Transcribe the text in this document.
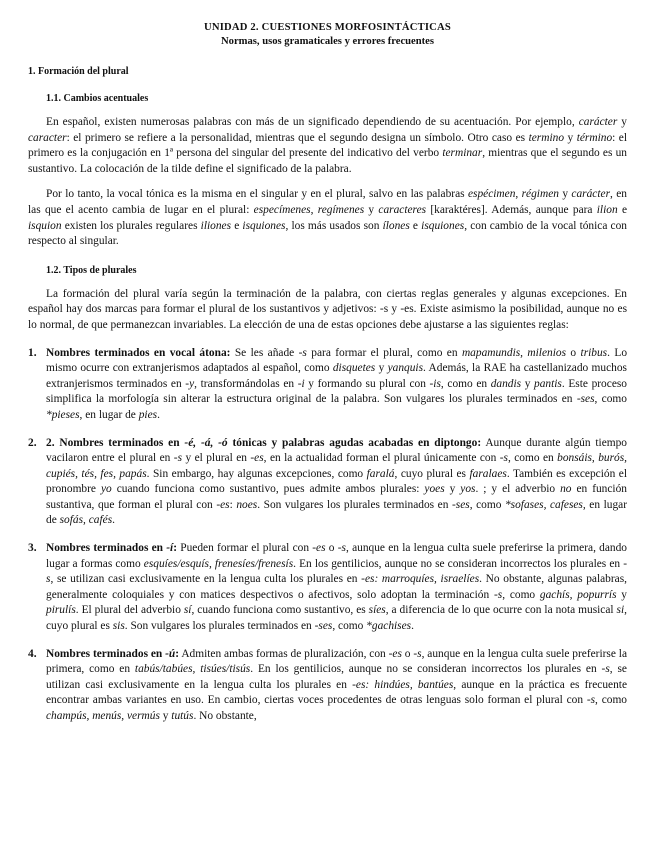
UNIDAD 2. CUESTIONES MORFOSINTÁCTICAS
Normas, usos gramaticales y errores frecuentes
1. Formación del plural
1.1. Cambios acentuales

En español, existen numerosas palabras con más de un significado dependiendo de su acentuación. Por ejemplo, carácter y caracter: el primero se refiere a la personalidad, mientras que el segundo designa un símbolo. Otro caso es termino y término: el primero es la conjugación en 1ª persona del singular del presente del indicativo del verbo terminar, mientras que el segundo es un sustantivo. La colocación de la tilde define el significado de la palabra.

Por lo tanto, la vocal tónica es la misma en el singular y en el plural, salvo en las palabras espécimen, régimen y carácter, en las que el acento cambia de lugar en el plural: especímenes, regímenes y caracteres [karaktéres]. Además, aunque para ilion e isquion existen los plurales regulares iliones e isquiones, los más usados son ílones e isquiones, con cambio de la vocal tónica con respecto al singular.

1.2. Tipos de plurales

La formación del plural varía según la terminación de la palabra, con ciertas reglas generales y algunas excepciones. En español hay dos marcas para formar el plural de los sustantivos y adjetivos: -s y -es. Existe asimismo la posibilidad, aunque no es lo normal, de que permanezcan invariables. La elección de una de estas opciones debe ajustarse a las siguientes reglas:

1. Nombres terminados en vocal átona: Se les añade -s para formar el plural, como en mapamundis, milenios o tribus. Lo mismo ocurre con extranjerismos adaptados al español, como disquetes y yanquis. Además, la RAE ha castellanizado muchos extranjerismos terminados en -y, transformándolas en -i y formando su plural con -is, como en dandis y pantis. Este proceso simplifica la morfología sin alterar la estructura original de la palabra. Son vulgares los plurales terminados en -ses, como *pieses, en lugar de pies.
2. 2. Nombres terminados en -é, -á, -ó tónicas y palabras agudas acabadas en diptongo: Aunque durante algún tiempo vacilaron entre el plural en -s y el plural en -es, en la actualidad forman el plural únicamente con -s, como en bonsáis, burós, cupiés, tés, fes, papás. Sin embargo, hay algunas excepciones, como faralá, cuyo plural es faralaes. También es excepción el pronombre yo cuando funciona como sustantivo, pues admite ambos plurales: yoes y yos. ; y el adverbio no en función sustantiva, que forman el plural con -es: noes. Son vulgares los plurales terminados en -ses, como *sofases, cafeses, en lugar de sofás, cafés.
3. Nombres terminados en -í: Pueden formar el plural con -es o -s, aunque en la lengua culta suele preferirse la primera, dando lugar a formas como esquíes/esquís, frenesíes/frenesís. En los gentilicios, aunque no se consideran incorrectos los plurales en -s, se utilizan casi exclusivamente en la lengua culta los plurales en -es: marroquíes, israelíes. No obstante, algunas palabras, generalmente coloquiales y con matices despectivos o afectivos, solo adoptan la terminación -s, como gachís, popurrís y pirulís. El plural del adverbio sí, cuando funciona como sustantivo, es síes, a diferencia de lo que ocurre con la nota musical si, cuyo plural es sis. Son vulgares los plurales terminados en -ses, como *gachises.
4. Nombres terminados en -ú: Admiten ambas formas de pluralización, con -es o -s, aunque en la lengua culta suele preferirse la primera, como en tabús/tabúes, tisúes/tisús. En los gentilicios, aunque no se consideran incorrectos los plurales en -s, se utilizan casi exclusivamente en la lengua culta los plurales en -es: hindúes, bantúes, aunque en la práctica es frecuente encontrar ambas variantes en uso. En cambio, ciertas voces procedentes de otras lenguas solo forman el plural con -s, como champús, menús, vermús y tutús. No obstante,
